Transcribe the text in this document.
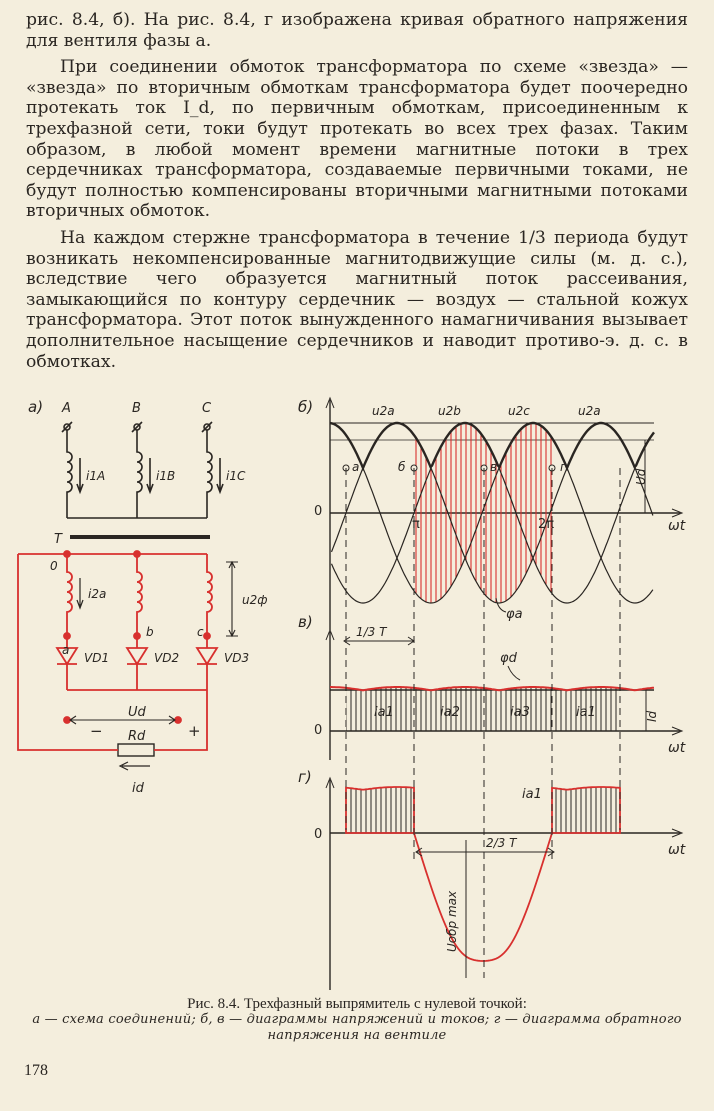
рис. 8.4, б). На рис. 8.4, г изображена кривая обратного напряжения для вентиля фазы а.

При соединении обмоток трансформатора по схеме «звезда» — «звезда» по вторичным обмоткам трансформатора будет поочередно протекать ток I_d, по первичным обмоткам, присоединенным к трехфазной сети, токи будут протекать во всех трех фазах. Таким образом, в любой момент времени магнитные потоки в трех сердечниках трансформатора, создаваемые первичными токами, не будут полностью компенсированы вторичными магнитными потоками вторичных обмоток.

На каждом стержне трансформатора в течение 1/3 периода будут возникать некомпенсированные магнитодвижущие силы (м. д. с.), вследствие чего образуется магнитный поток рассеивания, замыкающийся по контуру сердечник — воздух — стальной кожух трансформатора. Этот поток вынужденного намагничивания вызывает дополнительное насыщение сердечников и наводит противо-э. д. с. в обмотках.

а) A	B	C
i1A	i1B	i1C
T
0
i2a	u2ф
a
b	c
VD1	VD2	VD3
Ud
−	+
Rd
id
б)	u2a	u2b	u2c	u2a
а	б	в	г
0
π	2π
Ud
φa
ωt
в)
1/3 T
φd
ia1	ia2	ia3	ia1	Id
0
ωt
г)
ia1
2/3 T
Uобр max
0
ωt
Рис. 8.4. Трехфазный выпрямитель с нулевой точкой:
а — схема соединений; б, в — диаграммы напряжений и токов; г — диаграмма обратного напряжения на вентиле
178
